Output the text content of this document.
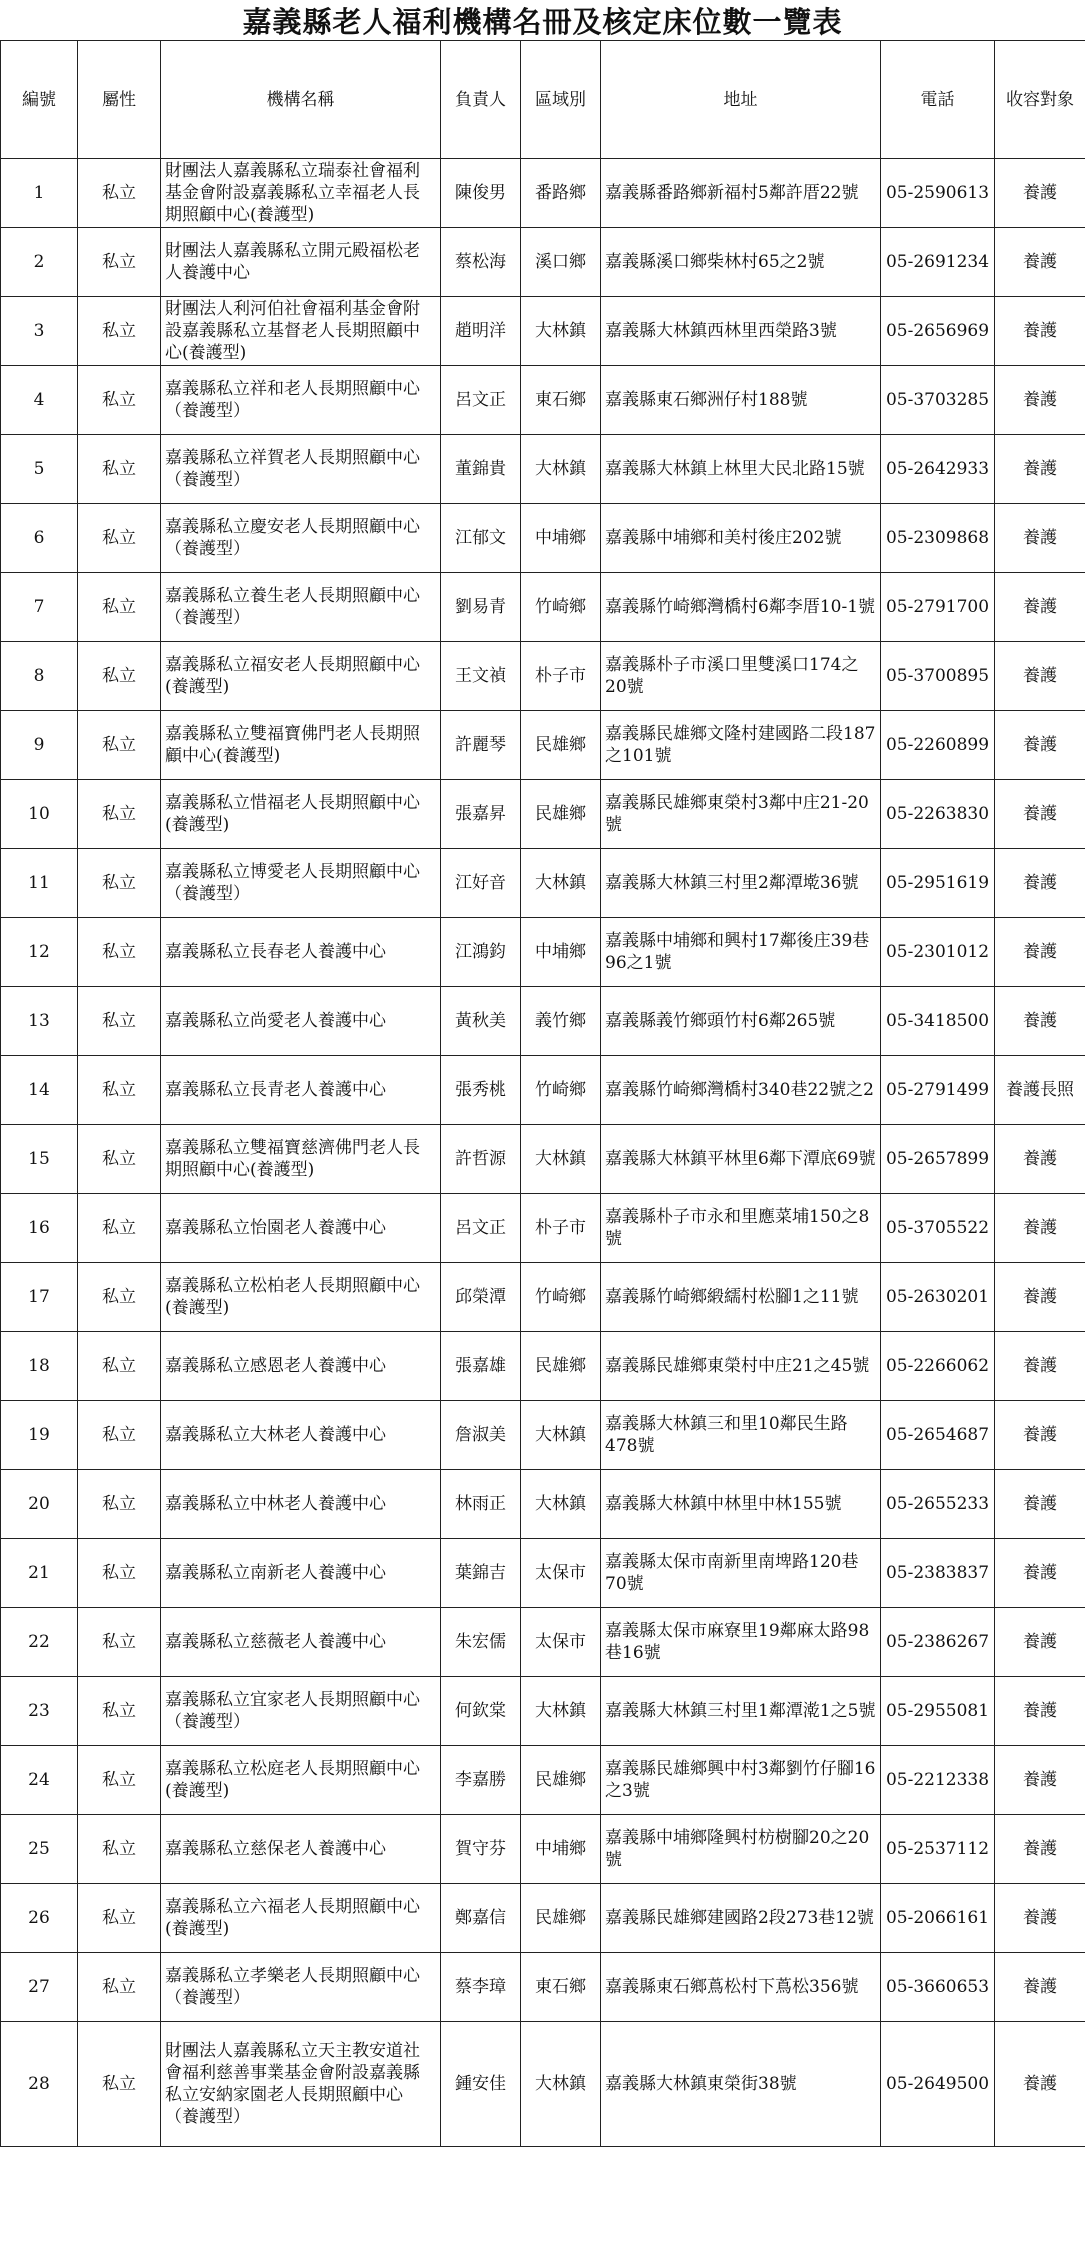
嘉義縣老人福利機構名冊及核定床位數一覽表
編號	屬性	機構名稱	負責人	區域別	地址	電話	收容對象
1	私立	財團法人嘉義縣私立瑞泰社會福利基金會附設嘉義縣私立幸福老人長期照顧中心(養護型)	陳俊男	番路鄉	嘉義縣番路鄉新福村5鄰許厝22號	05-2590613	養護
2	私立	財團法人嘉義縣私立開元殿福松老人養護中心	蔡松海	溪口鄉	嘉義縣溪口鄉柴林村65之2號	05-2691234	養護
3	私立	財團法人利河伯社會福利基金會附設嘉義縣私立基督老人長期照顧中心(養護型)	趙明洋	大林鎮	嘉義縣大林鎮西林里西榮路3號	05-2656969	養護
4	私立	嘉義縣私立祥和老人長期照顧中心（養護型）	呂文正	東石鄉	嘉義縣東石鄉洲仔村188號	05-3703285	養護
5	私立	嘉義縣私立祥賀老人長期照顧中心（養護型）	董錦貴	大林鎮	嘉義縣大林鎮上林里大民北路15號	05-2642933	養護
6	私立	嘉義縣私立慶安老人長期照顧中心（養護型）	江郁文	中埔鄉	嘉義縣中埔鄉和美村後庄202號	05-2309868	養護
7	私立	嘉義縣私立養生老人長期照顧中心（養護型）	劉易青	竹崎鄉	嘉義縣竹崎鄉灣橋村6鄰李厝10-1號	05-2791700	養護
8	私立	嘉義縣私立福安老人長期照顧中心(養護型)	王文禎	朴子市	嘉義縣朴子市溪口里雙溪口174之20號	05-3700895	養護
9	私立	嘉義縣私立雙福寶佛門老人長期照顧中心(養護型)	許麗琴	民雄鄉	嘉義縣民雄鄉文隆村建國路二段187之101號	05-2260899	養護
10	私立	嘉義縣私立惜福老人長期照顧中心(養護型)	張嘉昇	民雄鄉	嘉義縣民雄鄉東榮村3鄰中庄21-20號	05-2263830	養護
11	私立	嘉義縣私立博愛老人長期照顧中心（養護型）	江好音	大林鎮	嘉義縣大林鎮三村里2鄰潭墘36號	05-2951619	養護
12	私立	嘉義縣私立長春老人養護中心	江鴻鈞	中埔鄉	嘉義縣中埔鄉和興村17鄰後庄39巷96之1號	05-2301012	養護
13	私立	嘉義縣私立尚愛老人養護中心	黃秋美	義竹鄉	嘉義縣義竹鄉頭竹村6鄰265號	05-3418500	養護
14	私立	嘉義縣私立長青老人養護中心	張秀桃	竹崎鄉	嘉義縣竹崎鄉灣橋村340巷22號之2	05-2791499	養護長照
15	私立	嘉義縣私立雙福寶慈濟佛門老人長期照顧中心(養護型)	許哲源	大林鎮	嘉義縣大林鎮平林里6鄰下潭底69號	05-2657899	養護
16	私立	嘉義縣私立怡園老人養護中心	呂文正	朴子市	嘉義縣朴子市永和里應菜埔150之8號	05-3705522	養護
17	私立	嘉義縣私立松柏老人長期照顧中心(養護型)	邱榮潭	竹崎鄉	嘉義縣竹崎鄉緞繻村松腳1之11號	05-2630201	養護
18	私立	嘉義縣私立感恩老人養護中心	張嘉雄	民雄鄉	嘉義縣民雄鄉東榮村中庄21之45號	05-2266062	養護
19	私立	嘉義縣私立大林老人養護中心	詹淑美	大林鎮	嘉義縣大林鎮三和里10鄰民生路478號	05-2654687	養護
20	私立	嘉義縣私立中林老人養護中心	林雨正	大林鎮	嘉義縣大林鎮中林里中林155號	05-2655233	養護
21	私立	嘉義縣私立南新老人養護中心	葉錦吉	太保市	嘉義縣太保市南新里南埤路120巷70號	05-2383837	養護
22	私立	嘉義縣私立慈薇老人養護中心	朱宏儒	太保市	嘉義縣太保市麻寮里19鄰麻太路98巷16號	05-2386267	養護
23	私立	嘉義縣私立宜家老人長期照顧中心（養護型）	何欽棠	大林鎮	嘉義縣大林鎮三村里1鄰潭漧1之5號	05-2955081	養護
24	私立	嘉義縣私立松庭老人長期照顧中心(養護型)	李嘉勝	民雄鄉	嘉義縣民雄鄉興中村3鄰劉竹仔腳16之3號	05-2212338	養護
25	私立	嘉義縣私立慈保老人養護中心	賀守芬	中埔鄉	嘉義縣中埔鄉隆興村枋樹腳20之20號	05-2537112	養護
26	私立	嘉義縣私立六福老人長期照顧中心(養護型)	鄭嘉信	民雄鄉	嘉義縣民雄鄉建國路2段273巷12號	05-2066161	養護
27	私立	嘉義縣私立孝樂老人長期照顧中心（養護型）	蔡李璋	東石鄉	嘉義縣東石鄉蔦松村下蔦松356號	05-3660653	養護
28	私立	財團法人嘉義縣私立天主教安道社會福利慈善事業基金會附設嘉義縣私立安納家園老人長期照顧中心（養護型）	鍾安佳	大林鎮	嘉義縣大林鎮東榮街38號	05-2649500	養護
